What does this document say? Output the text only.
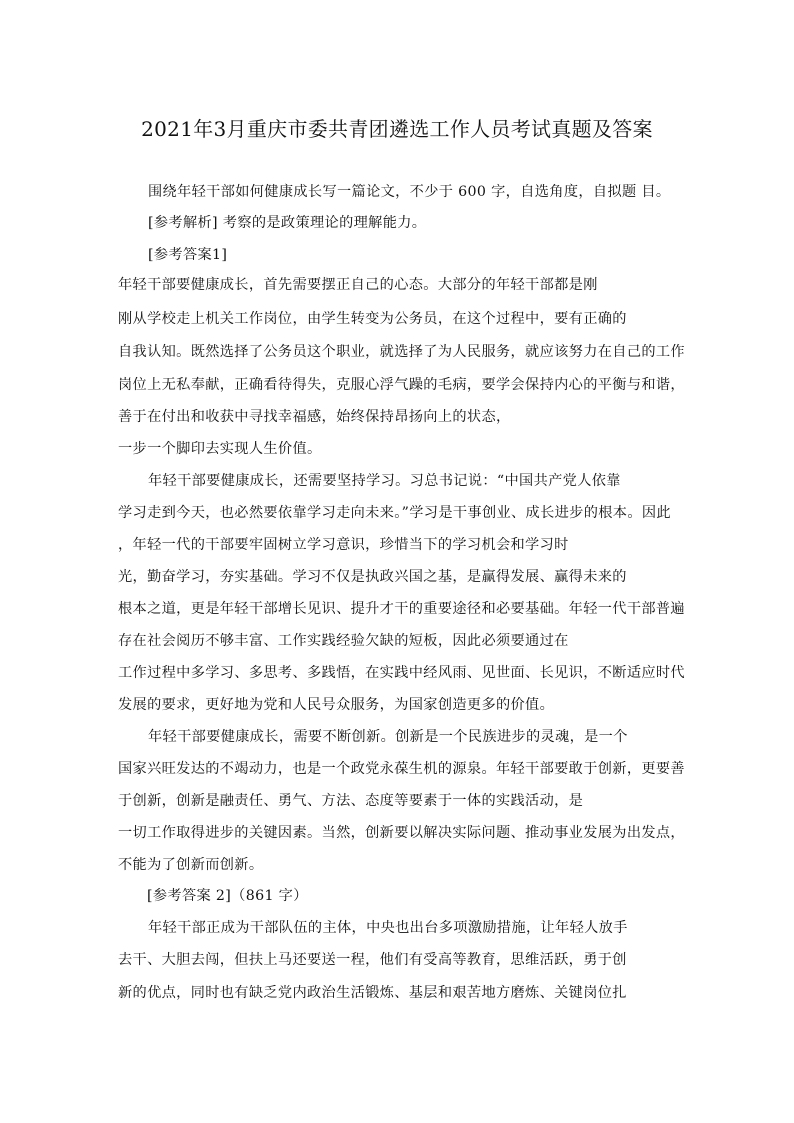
2021年3月重庆市委共青团遴选工作人员考试真题及答案
围绕年轻干部如何健康成长写一篇论文，不少于 600 字，自选角度，自拟题 目。
[参考解析] 考察的是政策理论的理解能力。
[参考答案1]
年轻干部要健康成长，首先需要摆正自己的心态。大部分的年轻干部都是刚
刚从学校走上机关工作岗位，由学生转变为公务员，在这个过程中，要有正确的
自我认知。既然选择了公务员这个职业，就选择了为人民服务，就应该努力在自己的工作
岗位上无私奉献，正确看待得失，克服心浮气躁的毛病，要学会保持内心的平衡与和谐，
善于在付出和收获中寻找幸福感，始终保持昂扬向上的状态，
一步一个脚印去实现人生价值。
年轻干部要健康成长，还需要坚持学习。习总书记说：“中国共产党人依靠
学习走到今天，也必然要依靠学习走向未来。”学习是干事创业、成长进步的根本。因此
，年轻一代的干部要牢固树立学习意识，珍惜当下的学习机会和学习时
光，勤奋学习，夯实基础。学习不仅是执政兴国之基，是赢得发展、赢得未来的
根本之道，更是年轻干部增长见识、提升才干的重要途径和必要基础。年轻一代干部普遍
存在社会阅历不够丰富、工作实践经验欠缺的短板，因此必须要通过在
工作过程中多学习、多思考、多践悟，在实践中经风雨、见世面、长见识，不断适应时代
发展的要求，更好地为党和人民号众服务，为国家创造更多的价值。
年轻干部要健康成长，需要不断创新。创新是一个民族进步的灵魂，是一个
国家兴旺发达的不竭动力，也是一个政党永葆生机的源泉。年轻干部要敢于创新，更要善
于创新，创新是融责任、勇气、方法、态度等要素于一体的实践活动，是
一切工作取得进步的关键因素。当然，创新要以解决实际问题、推动事业发展为出发点，
不能为了创新而创新。
[参考答案 2]（861 字）
年轻干部正成为干部队伍的主体，中央也出台多项激励措施，让年轻人放手
去干、大胆去闯，但扶上马还要送一程，他们有受高等教育，思维活跃，勇于创
新的优点，同时也有缺乏党内政治生活锻炼、基层和艰苦地方磨炼、关键岗位扎
